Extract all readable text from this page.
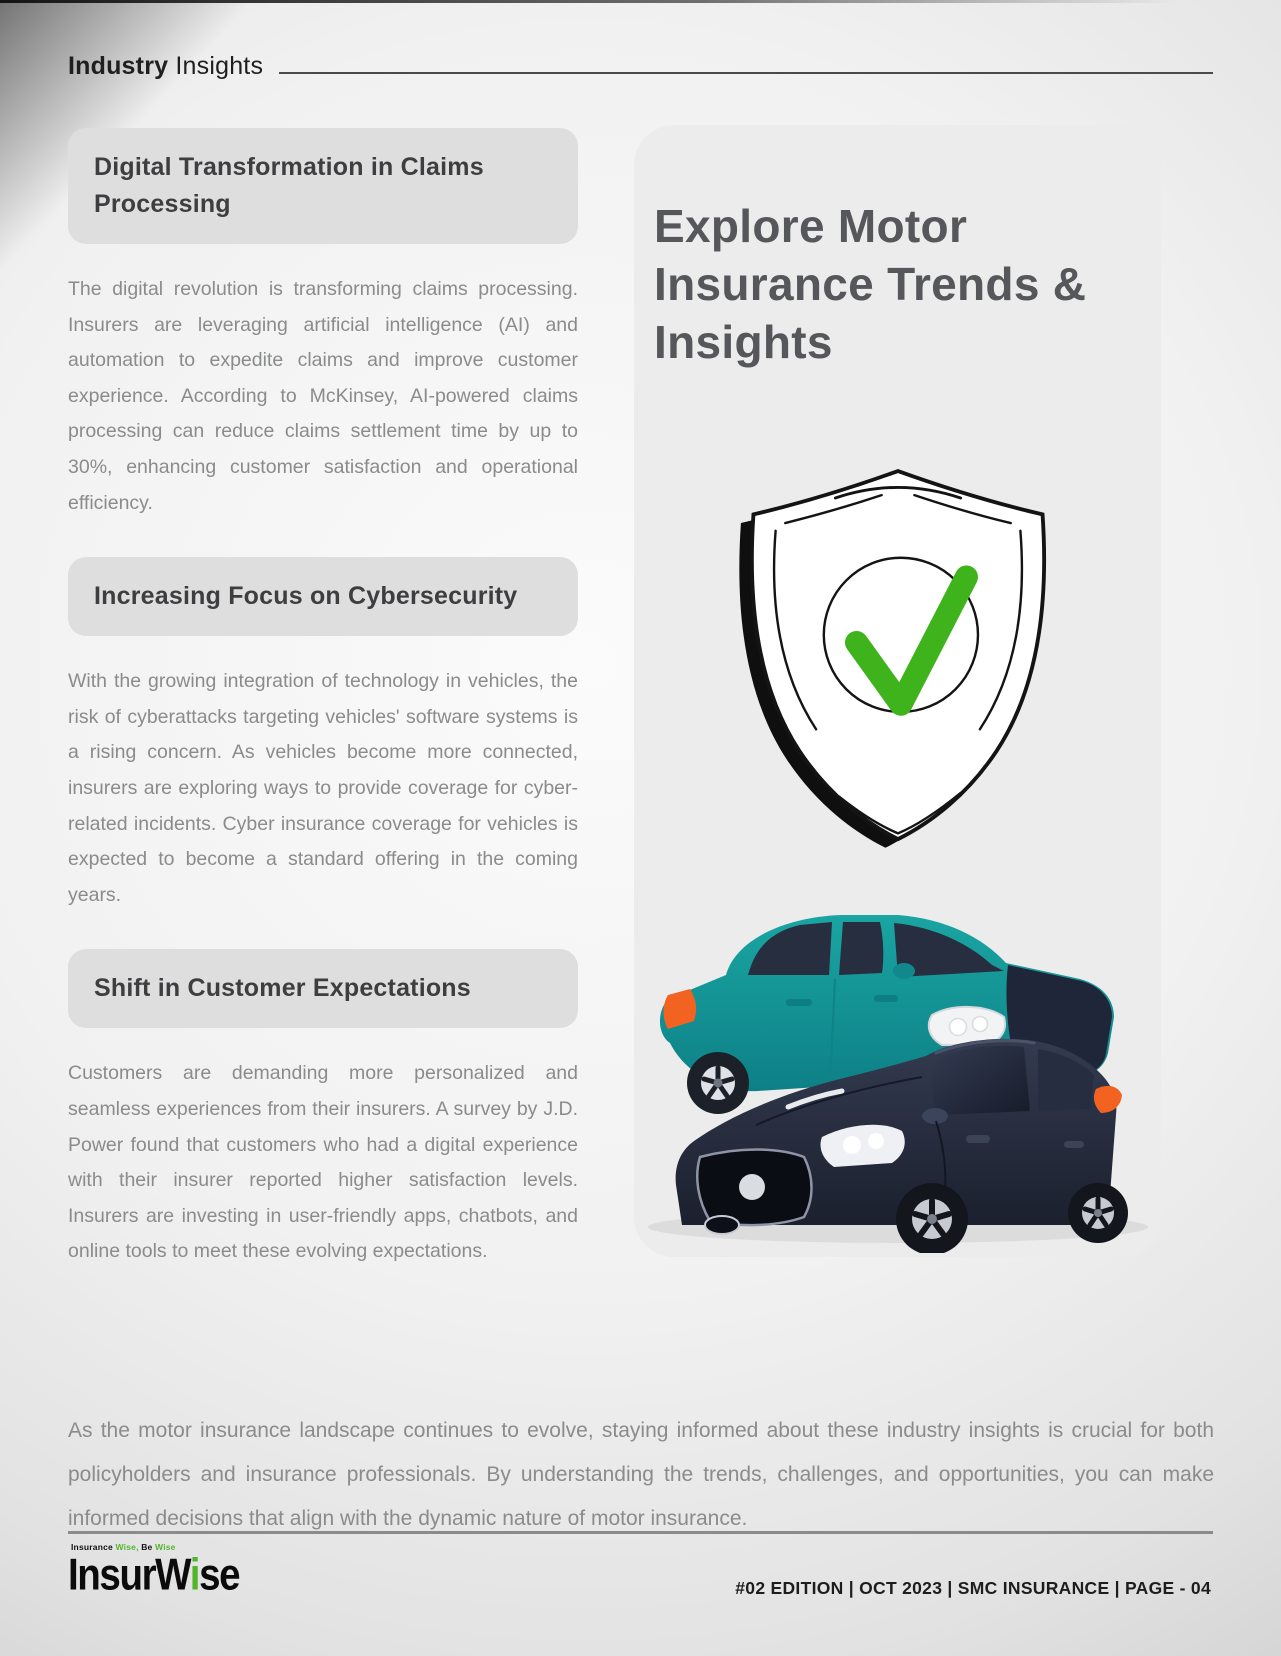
Industry Insights
Digital Transformation in Claims Processing

The digital revolution is transforming claims processing. Insurers are leveraging artificial intelligence (AI) and automation to expedite claims and improve customer experience. According to McKinsey, AI-powered claims processing can reduce claims settlement time by up to 30%, enhancing customer satisfaction and operational efficiency.

Increasing Focus on Cybersecurity

With the growing integration of technology in vehicles, the risk of cyberattacks targeting vehicles' software systems is a rising concern. As vehicles become more connected, insurers are exploring ways to provide coverage for cyber-related incidents. Cyber insurance coverage for vehicles is expected to become a standard offering in the coming years.

Shift in Customer Expectations

Customers are demanding more personalized and seamless experiences from their insurers. A survey by J.D. Power found that customers who had a digital experience with their insurer reported higher satisfaction levels. Insurers are investing in user-friendly apps, chatbots, and online tools to meet these evolving expectations.

Explore Motor Insurance Trends & Insights

As the motor insurance landscape continues to evolve, staying informed about these industry insights is crucial for both policyholders and insurance professionals. By understanding the trends, challenges, and opportunities, you can make informed decisions that align with the dynamic nature of motor insurance.

Insurance Wise, Be Wise
InsurWise	#02 EDITION | OCT 2023 | SMC INSURANCE | PAGE - 04
